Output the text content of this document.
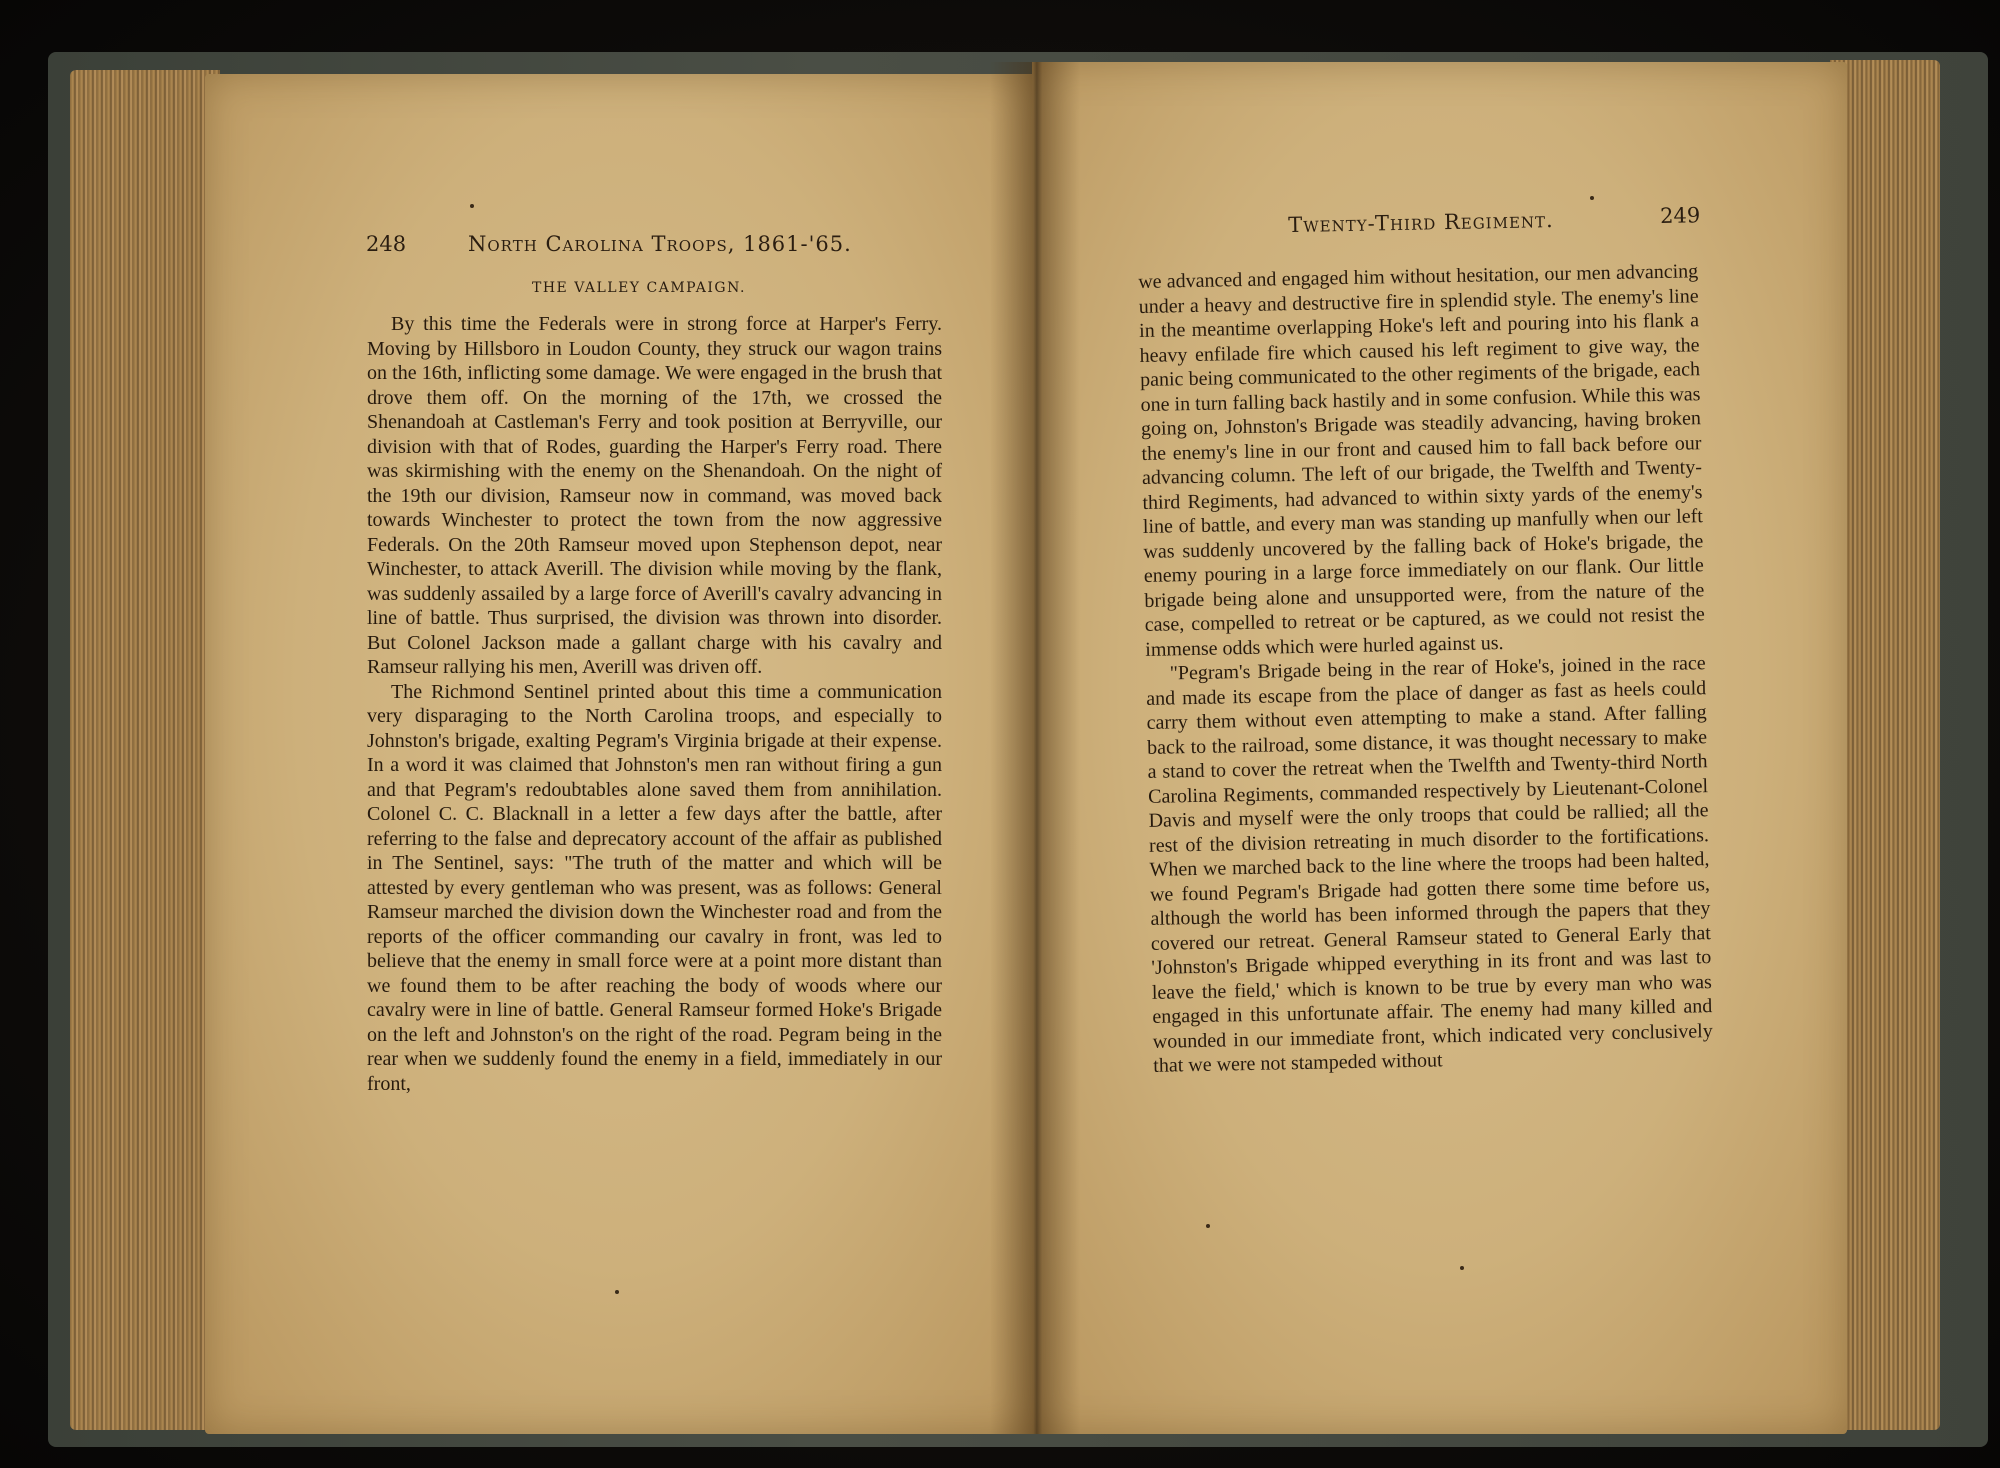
248	North Carolina Troops, 1861-'65.
THE VALLEY CAMPAIGN.

By this time the Federals were in strong force at Harper's Ferry. Moving by Hillsboro in Loudon County, they struck our wagon trains on the 16th, inflicting some damage. We were engaged in the brush that drove them off. On the morning of the 17th, we crossed the Shenandoah at Castleman's Ferry and took position at Berryville, our division with that of Rodes, guarding the Harper's Ferry road. There was skirmishing with the enemy on the Shenandoah. On the night of the 19th our division, Ramseur now in command, was moved back towards Winchester to protect the town from the now aggressive Federals. On the 20th Ramseur moved upon Stephenson depot, near Winchester, to attack Averill. The division while moving by the flank, was suddenly assailed by a large force of Averill's cavalry advancing in line of battle. Thus surprised, the division was thrown into disorder. But Colonel Jackson made a gallant charge with his cavalry and Ramseur rallying his men, Averill was driven off.

The Richmond Sentinel printed about this time a communication very disparaging to the North Carolina troops, and especially to Johnston's brigade, exalting Pegram's Virginia brigade at their expense. In a word it was claimed that Johnston's men ran without firing a gun and that Pegram's redoubtables alone saved them from annihilation. Colonel C. C. Blacknall in a letter a few days after the battle, after referring to the false and deprecatory account of the affair as published in The Sentinel, says: "The truth of the matter and which will be attested by every gentleman who was present, was as follows: General Ramseur marched the division down the Winchester road and from the reports of the officer commanding our cavalry in front, was led to believe that the enemy in small force were at a point more distant than we found them to be after reaching the body of woods where our cavalry were in line of battle. General Ramseur formed Hoke's Brigade on the left and Johnston's on the right of the road. Pegram being in the rear when we suddenly found the enemy in a field, immediately in our front,

Twenty-Third Regiment.	249

we advanced and engaged him without hesitation, our men advancing under a heavy and destructive fire in splendid style. The enemy's line in the meantime overlapping Hoke's left and pouring into his flank a heavy enfilade fire which caused his left regiment to give way, the panic being communicated to the other regiments of the brigade, each one in turn falling back hastily and in some confusion. While this was going on, Johnston's Brigade was steadily advancing, having broken the enemy's line in our front and caused him to fall back before our advancing column. The left of our brigade, the Twelfth and Twenty-third Regiments, had advanced to within sixty yards of the enemy's line of battle, and every man was standing up manfully when our left was suddenly uncovered by the falling back of Hoke's brigade, the enemy pouring in a large force immediately on our flank. Our little brigade being alone and unsupported were, from the nature of the case, compelled to retreat or be captured, as we could not resist the immense odds which were hurled against us.

"Pegram's Brigade being in the rear of Hoke's, joined in the race and made its escape from the place of danger as fast as heels could carry them without even attempting to make a stand. After falling back to the railroad, some distance, it was thought necessary to make a stand to cover the retreat when the Twelfth and Twenty-third North Carolina Regiments, commanded respectively by Lieutenant-Colonel Davis and myself were the only troops that could be rallied; all the rest of the division retreating in much disorder to the fortifications. When we marched back to the line where the troops had been halted, we found Pegram's Brigade had gotten there some time before us, although the world has been informed through the papers that they covered our retreat. General Ramseur stated to General Early that 'Johnston's Brigade whipped everything in its front and was last to leave the field,' which is known to be true by every man who was engaged in this unfortunate affair. The enemy had many killed and wounded in our immediate front, which indicated very conclusively that we were not stampeded without
